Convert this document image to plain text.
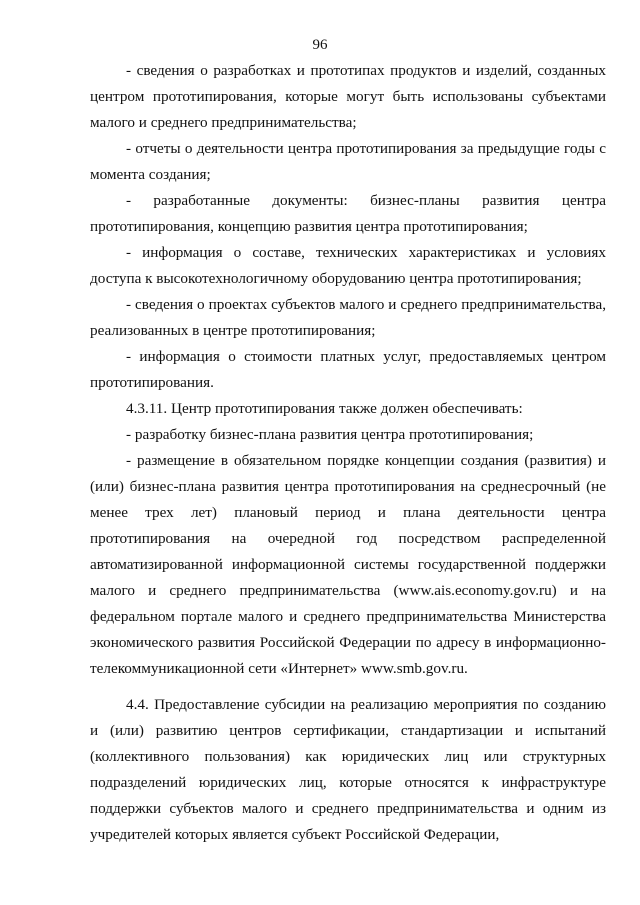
96

- сведения о разработках и прототипах продуктов и изделий, созданных центром прототипирования, которые могут быть использованы субъектами малого и среднего предпринимательства;

- отчеты о деятельности центра прототипирования за предыдущие годы с момента создания;

- разработанные документы: бизнес-планы развития центра прототипирования, концепцию развития центра прототипирования;

- информация о составе, технических характеристиках и условиях доступа к высокотехнологичному оборудованию центра прототипирования;

- сведения о проектах субъектов малого и среднего предпринимательства, реализованных в центре прототипирования;

- информация о стоимости платных услуг, предоставляемых центром прототипирования.

4.3.11. Центр прототипирования также должен обеспечивать:

- разработку бизнес-плана развития центра прототипирования;

- размещение в обязательном порядке концепции создания (развития) и (или) бизнес-плана развития центра прототипирования на среднесрочный (не менее трех лет) плановый период и плана деятельности центра прототипирования на очередной год посредством распределенной автоматизированной информационной системы государственной поддержки малого и среднего предпринимательства (www.ais.economy.gov.ru) и на федеральном портале малого и среднего предпринимательства Министерства экономического развития Российской Федерации по адресу в информационно-телекоммуникационной сети «Интернет» www.smb.gov.ru.

4.4. Предоставление субсидии на реализацию мероприятия по созданию и (или) развитию центров сертификации, стандартизации и испытаний (коллективного пользования) как юридических лиц или структурных подразделений юридических лиц, которые относятся к инфраструктуре поддержки субъектов малого и среднего предпринимательства и одним из учредителей которых является субъект Российской Федерации,
